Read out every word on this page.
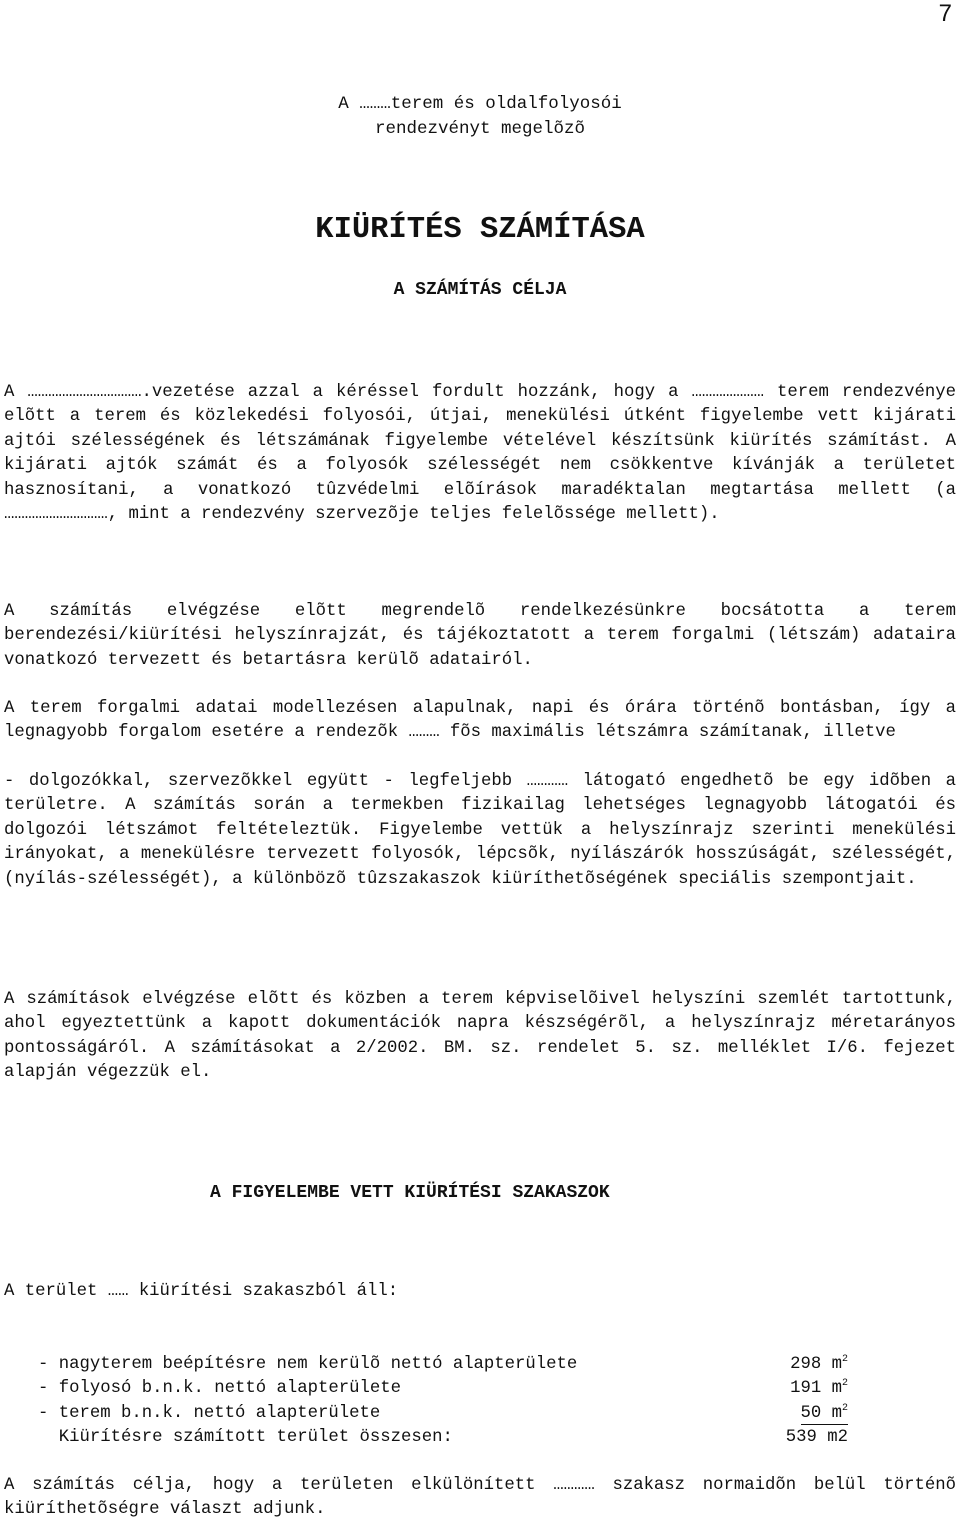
7
A ………terem és oldalfolyosói
rendezvényt megelõzõ
KIÜRÍTÉS SZÁMÍTÁSA
A SZÁMÍTÁS CÉLJA

A …………………………….vezetése azzal a kéréssel fordult hozzánk, hogy a ………………… terem rendezvénye elõtt a terem és közlekedési folyosói, útjai, menekülési útként figyelembe vett kijárati ajtói szélességének és létszámának figyelembe vételével készítsünk kiürítés számítást. A kijárati ajtók számát és a folyosók szélességét nem csökkentve kívánják a területet hasznosítani, a vonatkozó tûzvédelmi elõírások maradéktalan megtartása mellett (a …………………………, mint a rendezvény szervezõje teljes felelõssége mellett).

A számítás elvégzése elõtt megrendelõ rendelkezésünkre bocsátotta a terem berendezési/kiürítési helyszínrajzát, és tájékoztatott a terem forgalmi (létszám) adataira vonatkozó tervezett és betartásra kerülõ adatairól.

A terem forgalmi adatai modellezésen alapulnak, napi és órára történõ bontásban, így a legnagyobb forgalom esetére a rendezõk ……… fõs maximális létszámra számítanak, illetve

- dolgozókkal, szervezõkkel együtt - legfeljebb ………… látogató engedhetõ be egy idõben a területre. A számítás során a termekben fizikailag lehetséges legnagyobb látogatói és dolgozói létszámot feltételeztük. Figyelembe vettük a helyszínrajz szerinti menekülési irányokat, a menekülésre tervezett folyosók, lépcsõk, nyílászárók hosszúságát, szélességét, (nyílás-szélességét), a különbözõ tûzszakaszok kiüríthetõségének speciális szempontjait.

A számítások elvégzése elõtt és közben a terem képviselõivel helyszíni szemlét tartottunk, ahol egyeztettünk a kapott dokumentációk napra készségérõl, a helyszínrajz méretarányos pontosságáról. A számításokat a 2/2002. BM. sz. rendelet 5. sz. melléklet I/6. fejezet alapján végezzük el.

A FIGYELEMBE VETT KIÜRÍTÉSI SZAKASZOK
A terület …… kiürítési szakaszból áll:
- nagyterem beépítésre nem kerülõ nettó alapterülete	298 $m^2$
- folyosó b.n.k. nettó alapterülete	191 $m^2$
- terem b.n.k. nettó alapterülete	50 $m^2$
Kiürítésre számított terület összesen:	539 m2

A számítás célja, hogy a területen elkülönített ………… szakasz normaidõn belül történõ kiüríthetõségre választ adjunk.
